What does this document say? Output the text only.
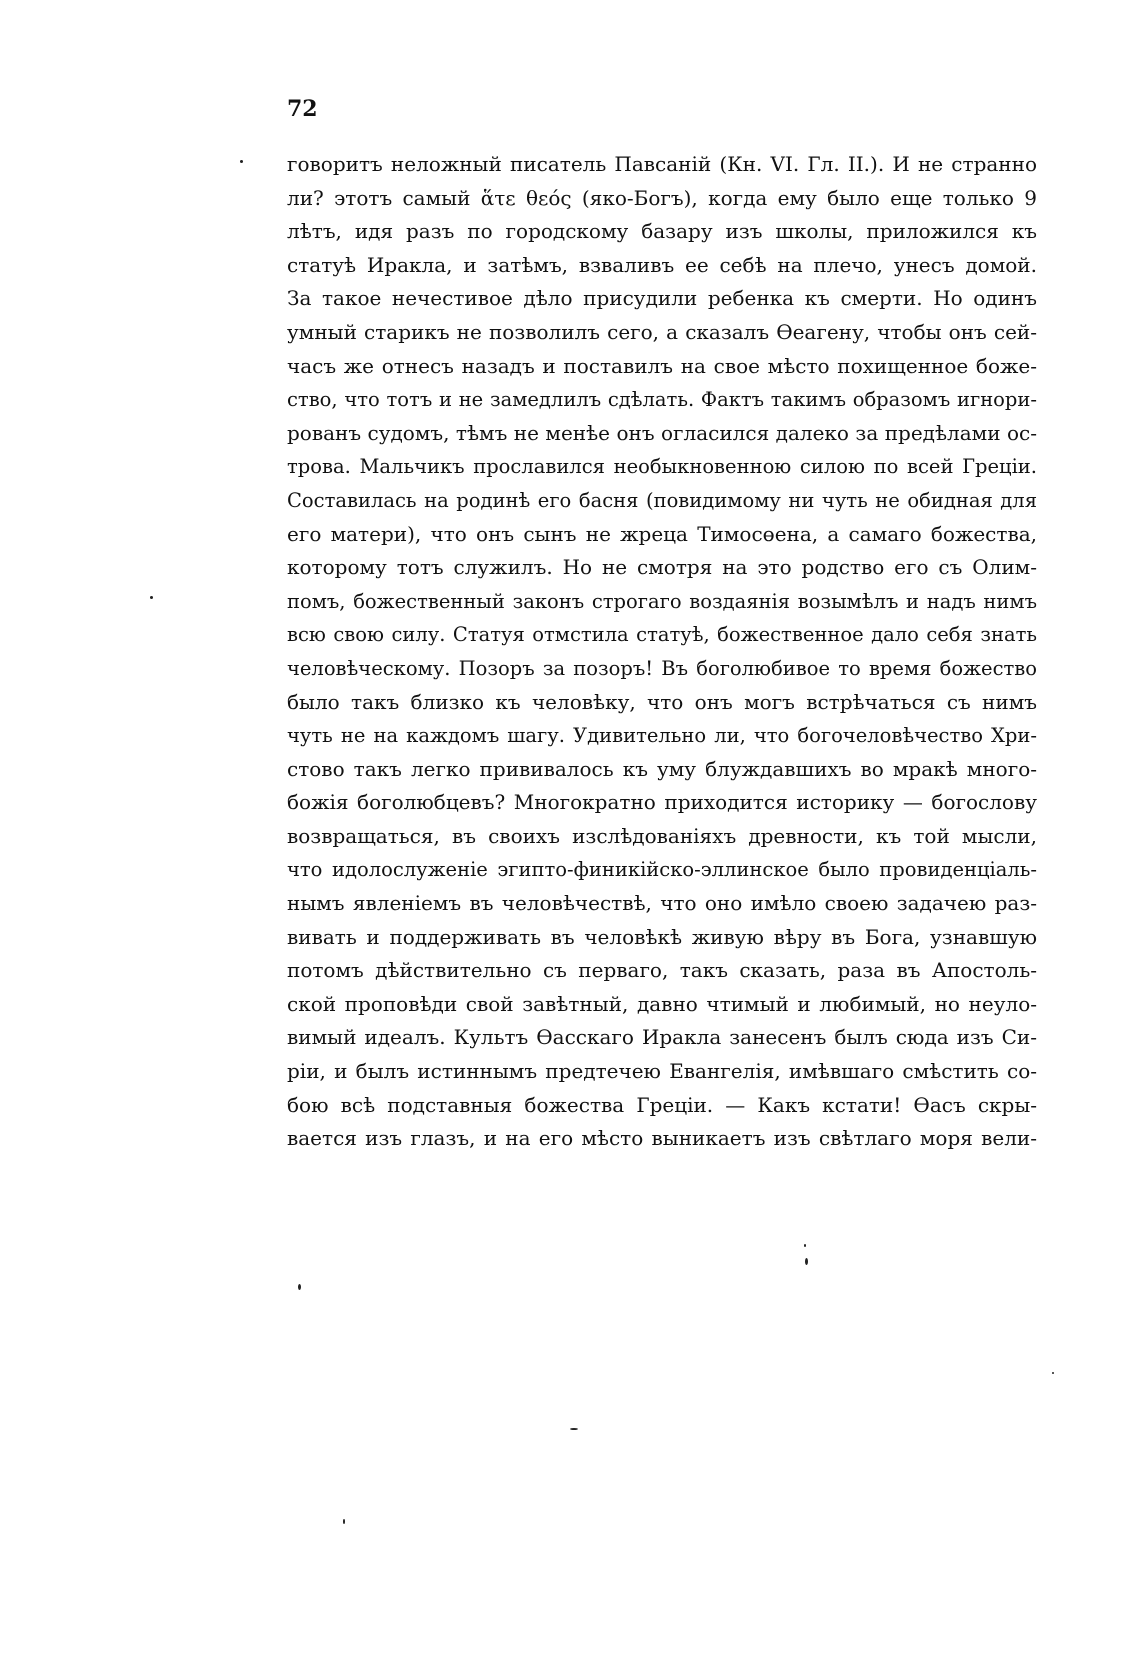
72
говоритъ неложный писатель Павсаній (Кн. VI. Гл. II.). И не странно
ли? этотъ самый ἅτε θεός (яко-Богъ), когда ему было еще только 9
лѣтъ, идя разъ по городскому базару изъ школы, приложился къ
статуѣ Иракла, и затѣмъ, взваливъ ее себѣ на плечо, унесъ домой.
За такое нечестивое дѣло присудили ребенка къ смерти. Но одинъ
умный старикъ не позволилъ сего, а сказалъ Өеагену, чтобы онъ сей-
часъ же отнесъ назадъ и поставилъ на свое мѣсто похищенное боже-
ство, что тотъ и не замедлилъ сдѣлать. Фактъ такимъ образомъ игнори-
рованъ судомъ, тѣмъ не менѣе онъ огласился далеко за предѣлами ос-
трова. Мальчикъ прославился необыкновенною силою по всей Греціи.
Составилась на родинѣ его басня (повидимому ни чуть не обидная для
его матери), что онъ сынъ не жреца Тимосөена, а самаго божества,
которому тотъ служилъ. Но не смотря на это родство его съ Олим-
помъ, божественный законъ строгаго воздаянія возымѣлъ и надъ нимъ
всю свою силу. Статуя отмстила статуѣ, божественное дало себя знать
человѣческому. Позоръ за позоръ! Въ боголюбивое то время божество
было такъ близко къ человѣку, что онъ могъ встрѣчаться съ нимъ
чуть не на каждомъ шагу. Удивительно ли, что богочеловѣчество Хри-
стово такъ легко прививалось къ уму блуждавшихъ во мракѣ много-
божія боголюбцевъ? Многократно приходится историку — богослову
возвращаться, въ своихъ изслѣдованіяхъ древности, къ той мысли,
что идолослуженіе эгипто-финикійско-эллинское было провиденціаль-
нымъ явленіемъ въ человѣчествѣ, что оно имѣло своею задачею раз-
вивать и поддерживать въ человѣкѣ живую вѣру въ Бога, узнавшую
потомъ дѣйствительно съ перваго, такъ сказать, раза въ Апостоль-
ской проповѣди свой завѣтный, давно чтимый и любимый, но неуло-
вимый идеалъ. Культъ Өасскаго Иракла занесенъ былъ сюда изъ Си-
ріи, и былъ истиннымъ предтечею Евангелія, имѣвшаго смѣстить со-
бою всѣ подставныя божества Греціи. — Какъ кстати! Өасъ скры-
вается изъ глазъ, и на его мѣсто выникаетъ изъ свѣтлаго моря вели-
